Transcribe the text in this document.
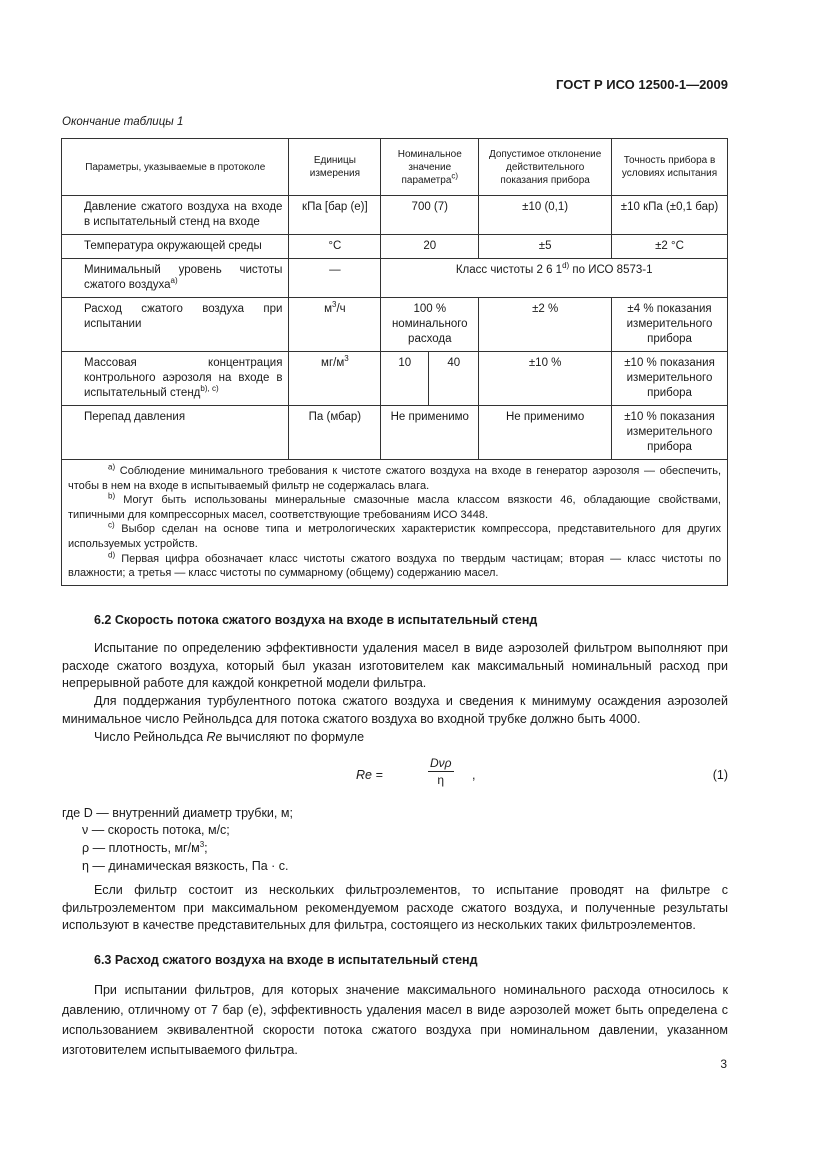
ГОСТ Р ИСО 12500-1—2009
Окончание таблицы 1
Параметры, указываемые в протоколе	Единицы измерения	Номинальное значение параметра$^{c)}$		Допустимое отклонение действительного показания прибора	Точность прибора в условиях испытания
Давление сжатого воздуха на входе в испытательный стенд на входе	кПа [бар (е)]	700 (7)		±10 (0,1)	±10 кПа (±0,1 бар)
Температура окружающей среды	°С	20		±5	±2 °С
Минимальный уровень чистоты сжатого воздуха$^{a)}$	—	Класс чистоты 2 6 1$^{d)}$ по ИСО 8573-1			
Расход сжатого воздуха при испытании	$м^3/ч$	100 % номинального расхода		±2 %	±4 % показания измерительного прибора
Массовая концентрация контрольного аэрозоля на входе в испытательный стенд$^{b), c)}$	$мг/м^3$	10	40	±10 %	±10 % показания измерительного прибора
Перепад давления	Па (мбар)	Не применимо		Не применимо	±10 % показания измерительного прибора

$^{a)}$ Соблюдение минимального требования к чистоте сжатого воздуха на входе в генератор аэрозоля — обеспечить, чтобы в нем на входе в испытываемый фильтр не содержалась влага.

$^{b)}$ Могут быть использованы минеральные смазочные масла классом вязкости 46, обладающие свойствами, типичными для компрессорных масел, соответствующие требованиям ИСО 3448.

$^{c)}$ Выбор сделан на основе типа и метрологических характеристик компрессора, представительного для других используемых устройств.

$^{d)}$ Первая цифра обозначает класс чистоты сжатого воздуха по твердым частицам; вторая — класс чистоты по влажности; а третья — класс чистоты по суммарному (общему) содержанию масел.					

6.2 Скорость потока сжатого воздуха на входе в испытательный стенд

Испытание по определению эффективности удаления масел в виде аэрозолей фильтром выполняют при расходе сжатого воздуха, который был указан изготовителем как максимальный номинальный расход при непрерывной работе для каждой конкретной модели фильтра.

Для поддержания турбулентного потока сжатого воздуха и сведения к минимуму осаждения аэрозолей минимальное число Рейнольдса для потока сжатого воздуха во входной трубке должно быть 4000.

Число Рейнольдса Re вычисляют по формуле

Re =
Dνρ
η	,	(1)

где D — внутренний диаметр трубки, м;

ν — скорость потока, м/с;

ρ — плотность, $мг/м^3$;

η — динамическая вязкость, Па · с.

Если фильтр состоит из нескольких фильтроэлементов, то испытание проводят на фильтре с фильтроэлементом при максимальном рекомендуемом расходе сжатого воздуха, и полученные результаты используют в качестве представительных для фильтра, состоящего из нескольких таких фильтроэлементов.

6.3 Расход сжатого воздуха на входе в испытательный стенд

При испытании фильтров, для которых значение максимального номинального расхода относилось к давлению, отличному от 7 бар (е), эффективность удаления масел в виде аэрозолей может быть определена с использованием эквивалентной скорости потока сжатого воздуха при номинальном давлении, указанном изготовителем испытываемого фильтра.

3
